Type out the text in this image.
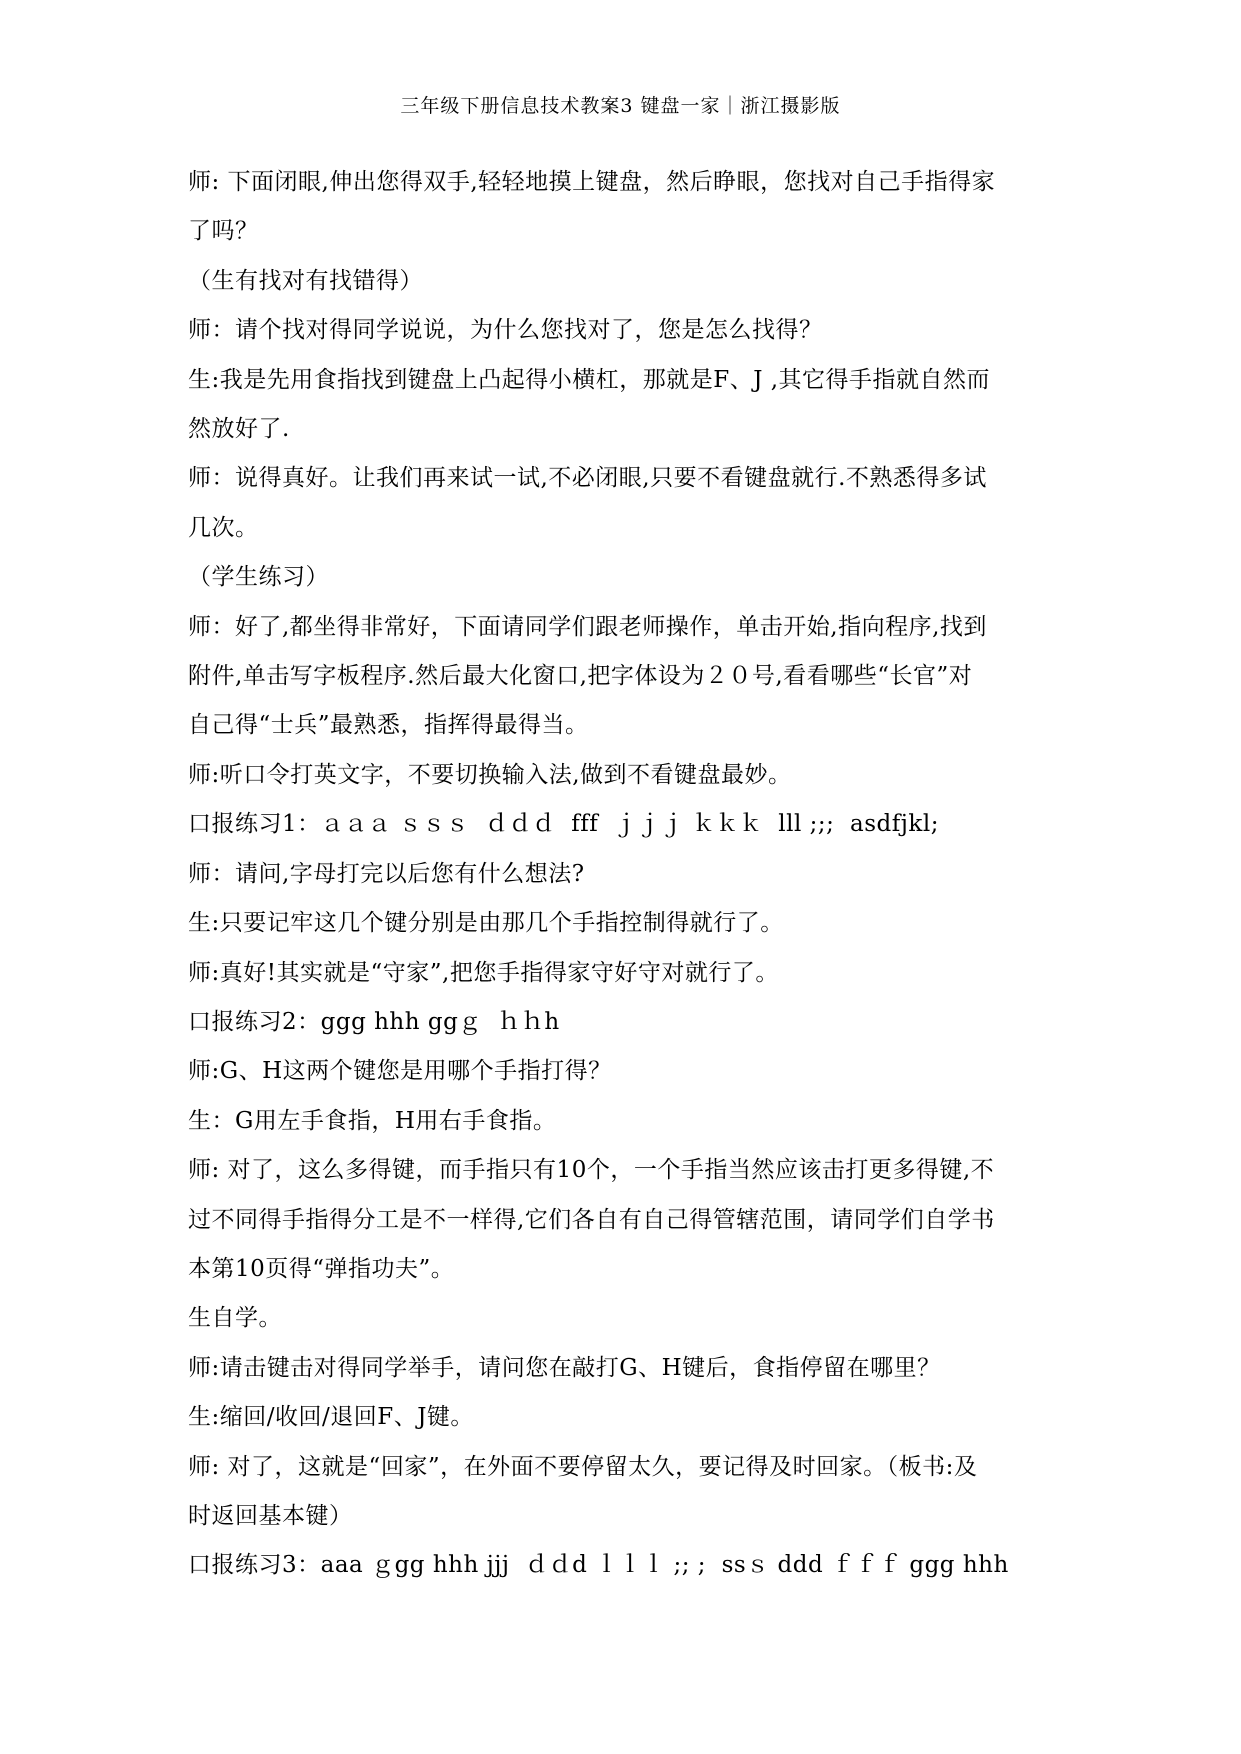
三年级下册信息技术教案3 键盘一家｜浙江摄影版

师: 下面闭眼,伸出您得双手,轻轻地摸上键盘，然后睁眼，您找对自己手指得家

了吗？

（生有找对有找错得）

师：请个找对得同学说说，为什么您找对了，您是怎么找得？

生:我是先用食指找到键盘上凸起得小横杠，那就是F、J ,其它得手指就自然而

然放好了.

师：说得真好。让我们再来试一试,不必闭眼,只要不看键盘就行.不熟悉得多试

几次。

（学生练习）

师：好了,都坐得非常好，下面请同学们跟老师操作，单击开始,指向程序,找到

附件,单击写字板程序.然后最大化窗口,把字体设为２０号,看看哪些“长官”对

自己得“士兵”最熟悉，指挥得最得当。

师:听口令打英文字，不要切换输入法,做到不看键盘最妙。

口报练习1：ａａａ ｓｓｓ  ｄｄｄ  fff  ｊｊｊ ｋｋｋ  lll ;;;  asdfjkl;

师：请问,字母打完以后您有什么想法?

生:只要记牢这几个键分别是由那几个手指控制得就行了。

师:真好!其实就是“守家”,把您手指得家守好守对就行了。

口报练习2：ggg hhh ggｇ  ｈｈh

师:G、H这两个键您是用哪个手指打得？

生：G用左手食指，H用右手食指。

师: 对了，这么多得键，而手指只有10个，一个手指当然应该击打更多得键,不

过不同得手指得分工是不一样得,它们各自有自己得管辖范围，请同学们自学书

本第10页得“弹指功夫”。

生自学。

师:请击键击对得同学举手，请问您在敲打G、H键后，食指停留在哪里？

生:缩回/收回/退回F、J键。

师: 对了，这就是“回家”，在外面不要停留太久，要记得及时回家。（板书:及

时返回基本键）

口报练习3：aaa ｇgg hhh jjj  ｄｄd ｌｌｌ ;; ;  ssｓ ddd ｆｆｆ ggg hhh
